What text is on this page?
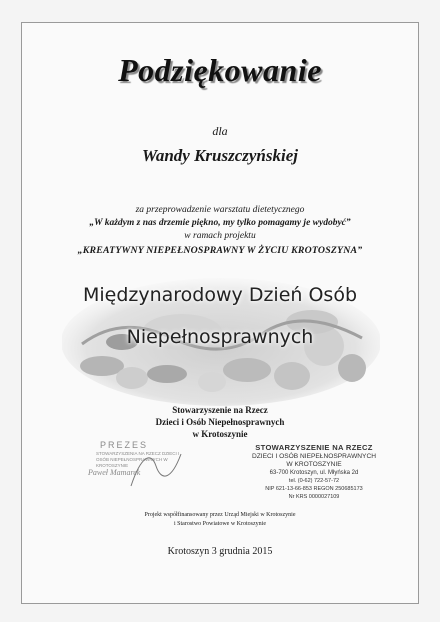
Podziękowanie
dla
Wandy Kruszczyńskiej
za przeprowadzenie warsztatu dietetycznego
„W każdym z nas drzemie piękno, my tylko pomagamy je wydobyć”
w ramach projektu
„KREATYWNY NIEPEŁNOSPRAWNY W ŻYCIU KROTOSZYNA”
Międzynarodowy Dzień Osób
Niepełnosprawnych
Stowarzyszenie na Rzecz
Dzieci i Osób Niepełnosprawnych
w Krotoszynie
PREZES
STOWARZYSZENIA NA RZECZ DZIECI I OSÓB NIEPEŁNOSPRAWNYCH W KROTOSZYNIE
Paweł Mamarek
STOWARZYSZENIE NA RZECZ
DZIECI I OSÓB NIEPEŁNOSPRAWNYCH
W KROTOSZYNIE
63-700 Krotoszyn, ul. Młyńska 2d
tel. (0-62) 722-57-72
NIP 621-13-66-853 REGON 250685173
Nr KRS 0000027109
Projekt współfinansowany przez Urząd Miejski w Krotoszynie
i Starostwo Powiatowe w Krotoszynie
Krotoszyn 3 grudnia 2015
